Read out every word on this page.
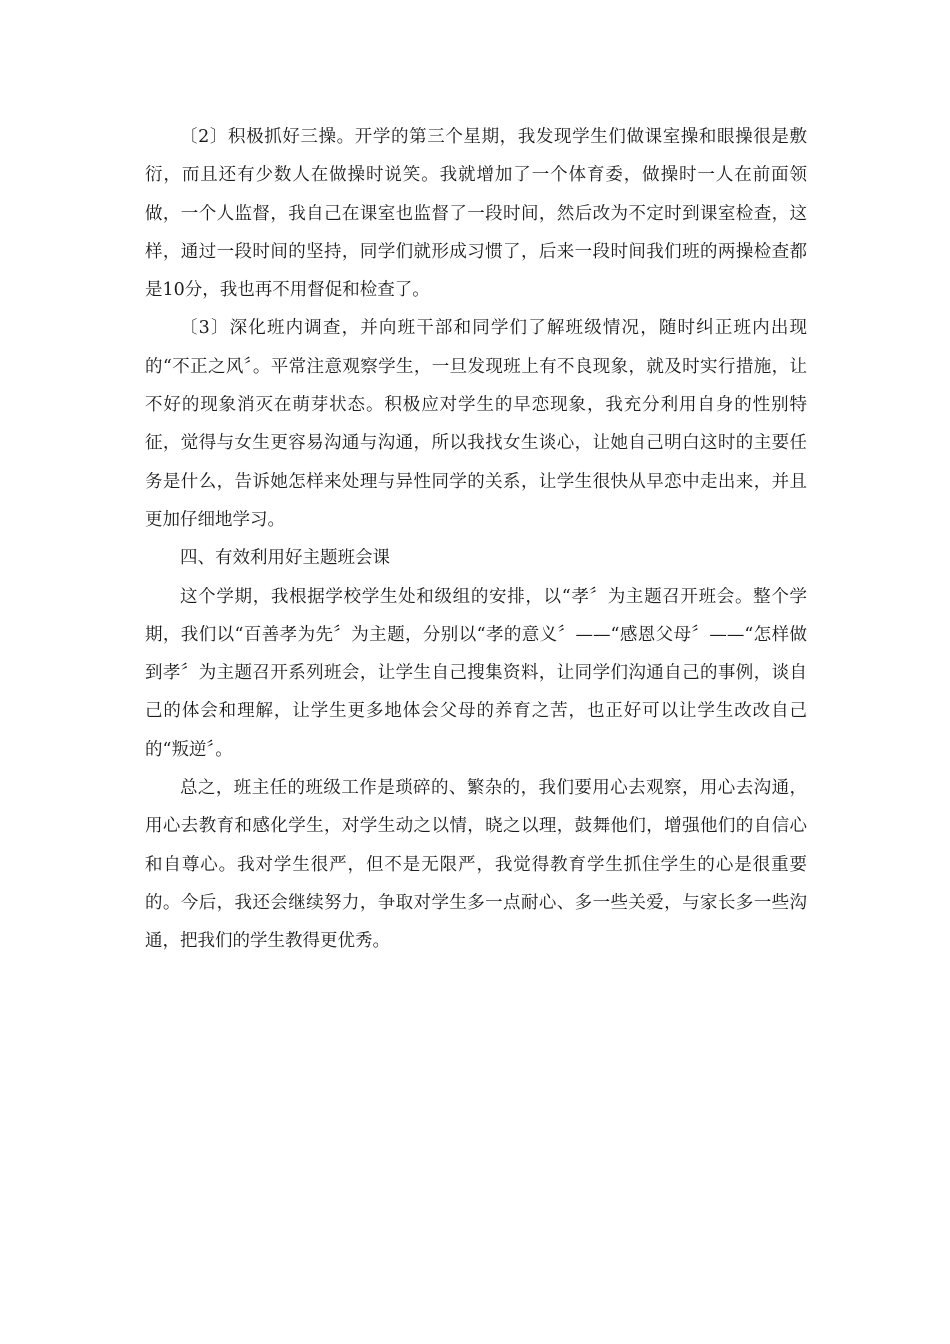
〔2〕积极抓好三操。开学的第三个星期，我发现学生们做课室操和眼操很是敷衍，而且还有少数人在做操时说笑。我就增加了一个体育委，做操时一人在前面领做，一个人监督，我自己在课室也监督了一段时间，然后改为不定时到课室检查，这样，通过一段时间的坚持，同学们就形成习惯了，后来一段时间我们班的两操检查都是10分，我也再不用督促和检查了。

〔3〕深化班内调查，并向班干部和同学们了解班级情况，随时纠正班内出现的“不正之风〞。平常注意观察学生，一旦发现班上有不良现象，就及时实行措施，让不好的现象消灭在萌芽状态。积极应对学生的早恋现象，我充分利用自身的性别特征，觉得与女生更容易沟通与沟通，所以我找女生谈心，让她自己明白这时的主要任务是什么，告诉她怎样来处理与异性同学的关系，让学生很快从早恋中走出来，并且更加仔细地学习。

四、有效利用好主题班会课

这个学期，我根据学校学生处和级组的安排，以“孝〞为主题召开班会。整个学期，我们以“百善孝为先〞为主题，分别以“孝的意义〞——“感恩父母〞——“怎样做到孝〞为主题召开系列班会，让学生自己搜集资料，让同学们沟通自己的事例，谈自己的体会和理解，让学生更多地体会父母的养育之苦，也正好可以让学生改改自己的“叛逆〞。

总之，班主任的班级工作是琐碎的、繁杂的，我们要用心去观察，用心去沟通，用心去教育和感化学生，对学生动之以情，晓之以理，鼓舞他们，增强他们的自信心和自尊心。我对学生很严，但不是无限严，我觉得教育学生抓住学生的心是很重要的。今后，我还会继续努力，争取对学生多一点耐心、多一些关爱，与家长多一些沟通，把我们的学生教得更优秀。
